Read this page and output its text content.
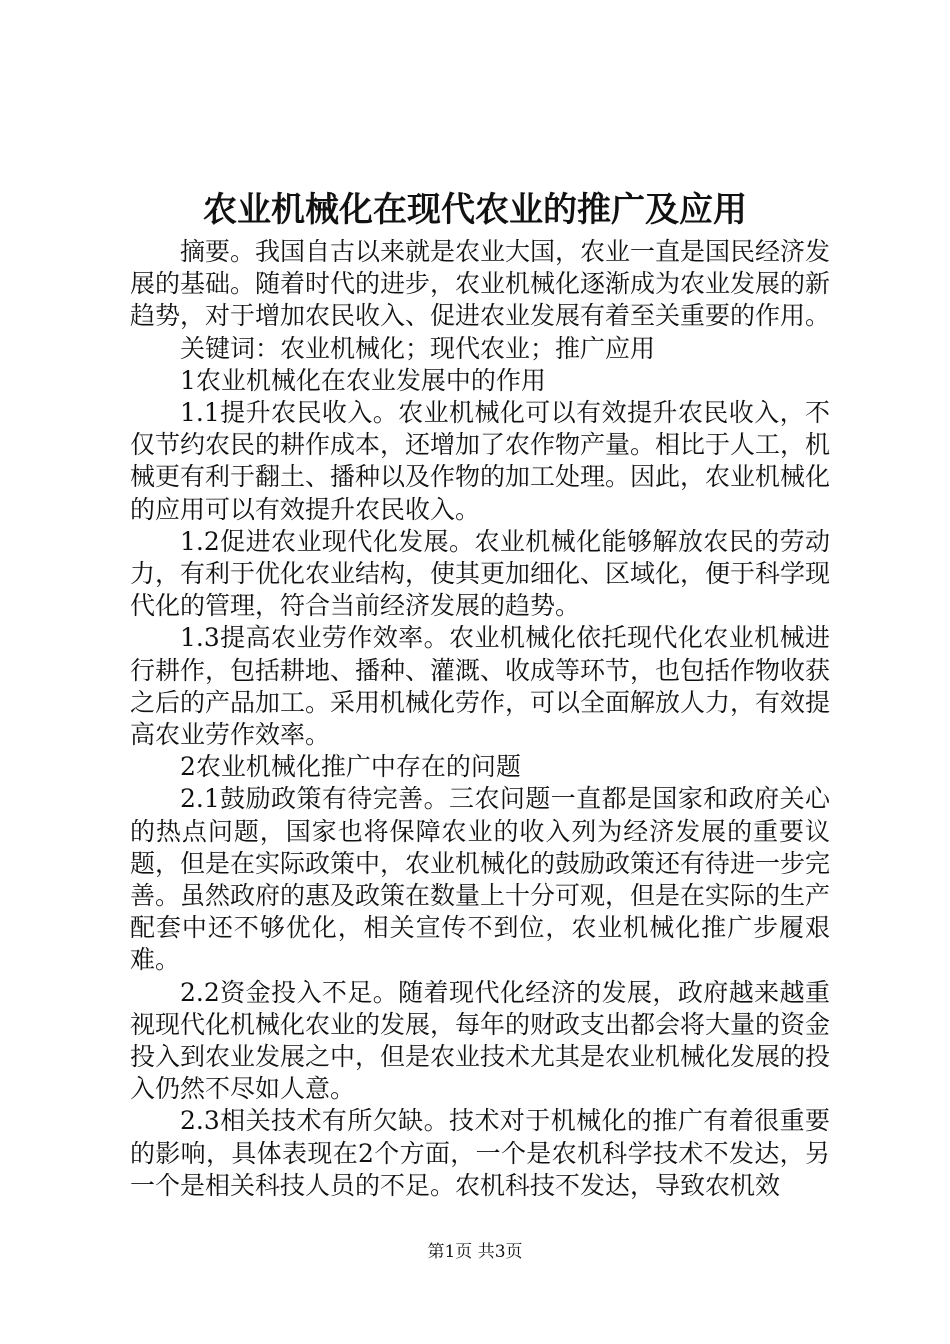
农业机械化在现代农业的推广及应用

摘要。我国自古以来就是农业大国，农业一直是国民经济发展的基础。随着时代的进步，农业机械化逐渐成为农业发展的新趋势，对于增加农民收入、促进农业发展有着至关重要的作用。

关键词：农业机械化；现代农业；推广应用

1农业机械化在农业发展中的作用

1.1提升农民收入。农业机械化可以有效提升农民收入，不仅节约农民的耕作成本，还增加了农作物产量。相比于人工，机械更有利于翻土、播种以及作物的加工处理。因此，农业机械化的应用可以有效提升农民收入。

1.2促进农业现代化发展。农业机械化能够解放农民的劳动力，有利于优化农业结构，使其更加细化、区域化，便于科学现代化的管理，符合当前经济发展的趋势。

1.3提高农业劳作效率。农业机械化依托现代化农业机械进行耕作，包括耕地、播种、灌溉、收成等环节，也包括作物收获之后的产品加工。采用机械化劳作，可以全面解放人力，有效提高农业劳作效率。

2农业机械化推广中存在的问题

2.1鼓励政策有待完善。三农问题一直都是国家和政府关心的热点问题，国家也将保障农业的收入列为经济发展的重要议题，但是在实际政策中，农业机械化的鼓励政策还有待进一步完善。虽然政府的惠及政策在数量上十分可观，但是在实际的生产配套中还不够优化，相关宣传不到位，农业机械化推广步履艰难。

2.2资金投入不足。随着现代化经济的发展，政府越来越重视现代化机械化农业的发展，每年的财政支出都会将大量的资金投入到农业发展之中，但是农业技术尤其是农业机械化发展的投入仍然不尽如人意。

2.3相关技术有所欠缺。技术对于机械化的推广有着很重要的影响，具体表现在2个方面，一个是农机科学技术不发达，另一个是相关科技人员的不足。农机科技不发达，导致农机效

第1页 共3页
